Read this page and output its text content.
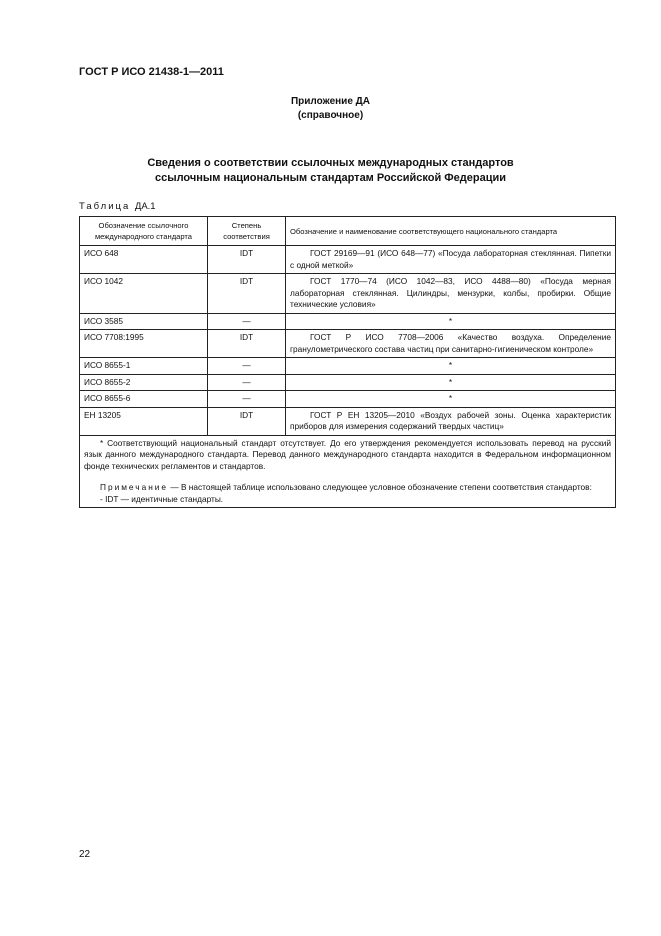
ГОСТ Р ИСО 21438-1—2011
Приложение ДА
(справочное)
Сведения о соответствии ссылочных международных стандартов
ссылочным национальным стандартам Российской Федерации
Таблица ДА.1
Обозначение ссылочного международного стандарта	Степень соответствия	Обозначение и наименование соответствующего национального стандарта
ИСО 648	IDT	ГОСТ 29169—91 (ИСО 648—77) «Посуда лабораторная стеклянная. Пипетки с одной меткой»
ИСО 1042	IDT	ГОСТ 1770—74 (ИСО 1042—83, ИСО 4488—80) «Посуда мерная лабораторная стеклянная. Цилиндры, мензурки, колбы, пробирки. Общие технические условия»
ИСО 3585	—	*
ИСО 7708:1995	IDT	ГОСТ Р ИСО 7708—2006 «Качество воздуха. Определение гранулометрического состава частиц при санитарно-гигиеническом контроле»
ИСО 8655-1	—	*
ИСО 8655-2	—	*
ИСО 8655-6	—	*
ЕН 13205	IDT	ГОСТ Р ЕН 13205—2010 «Воздух рабочей зоны. Оценка характеристик приборов для измерения содержаний твердых частиц»

* Соответствующий национальный стандарт отсутствует. До его утверждения рекомендуется использовать перевод на русский язык данного международного стандарта. Перевод данного международного стандарта находится в Федеральном информационном фонде технических регламентов и стандартов.

Примечание — В настоящей таблице использовано следующее условное обозначение степени соответствия стандартов:

- IDT — идентичные стандарты.		

22
